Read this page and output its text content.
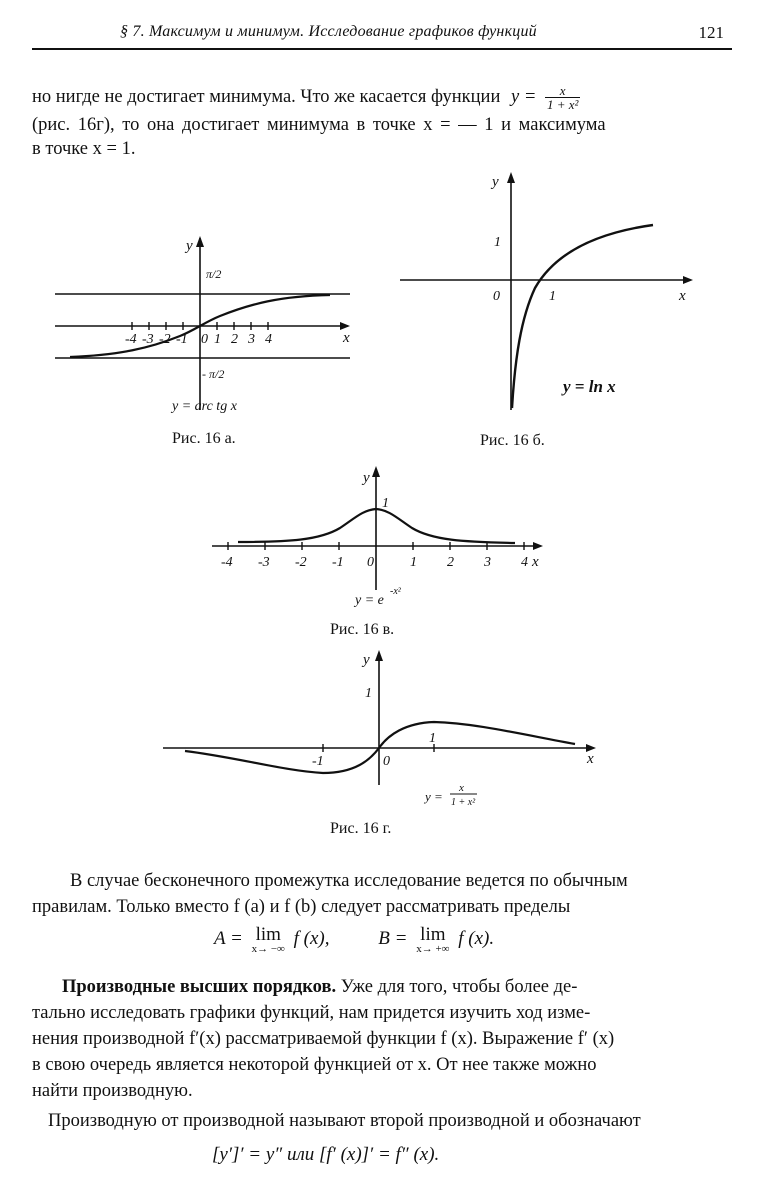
§ 7. Максимум и минимум. Исследование графиков функций	121
но нигде не достигает минимума. Что же касается функции $y = \frac{x}{\text{1 + x²}}$
(рис. 16г), то она достигает минимума в точке x = — 1 и максимума
в точке x = 1.
-4 -3 -2 -1 1 2 3 4
y
x
0
π/2
- π/2
y = arc tg x
Рис. 16 а.
y
x
0	1
1
y = ln x
Рис. 16 б.
-4 -3 -2 -1	1 2 3 4
y
x
1
0
y = e
-x²
Рис. 16 в.
y
x
1
0
-1
1
y =
x
1 + x²
Рис. 16 г.
В случае бесконечного промежутка исследование ведется по обычным
правилам. Только вместо f (a) и f (b) следует рассматривать пределы
A = lim
x→ −∞ f (x),	B = lim
x→ +∞ f (x).
Производные высших порядков. Уже для того, чтобы более де-
тально исследовать графики функций, нам придется изучить ход изме-
нения производной f′(x) рассматриваемой функции f (x). Выражение f′ (x)
в свою очередь является некоторой функцией от x. От нее также можно
найти производную.
Производную от производной называют второй производной и обозначают
[y′]′ = y″ или [f′ (x)]′ = f″ (x).
